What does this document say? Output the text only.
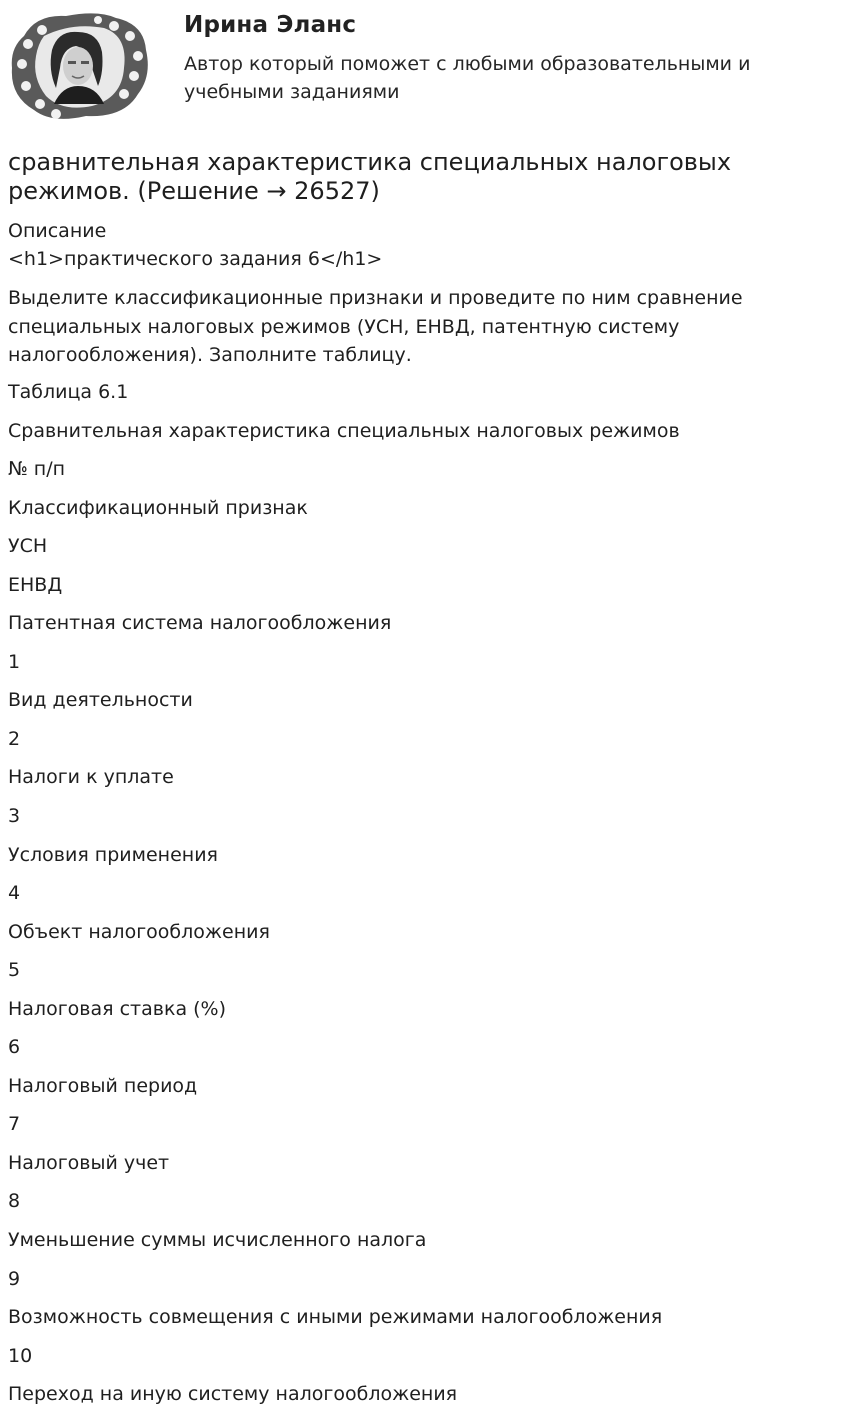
Ирина Эланс
Автор который поможет с любыми образовательными и учебными заданиями
сравнительная характеристика специальных налоговых режимов. (Решение → 26527)
Описание
<h1>практического задания 6</h1>
Выделите классификационные признаки и проведите по ним сравнение специальных налоговых режимов (УСН, ЕНВД, патентную систему налогообложения). Заполните таблицу.
Таблица 6.1
Сравнительная характеристика специальных налоговых режимов
№ п/п
Классификационный признак
УСН
ЕНВД
Патентная система налогообложения
1
Вид деятельности
2
Налоги к уплате
3
Условия применения
4
Объект налогообложения
5
Налоговая ставка (%)
6
Налоговый период
7
Налоговый учет
8
Уменьшение суммы исчисленного налога
9
Возможность совмещения с иными режимами налогообложения
10
Переход на иную систему налогообложения
